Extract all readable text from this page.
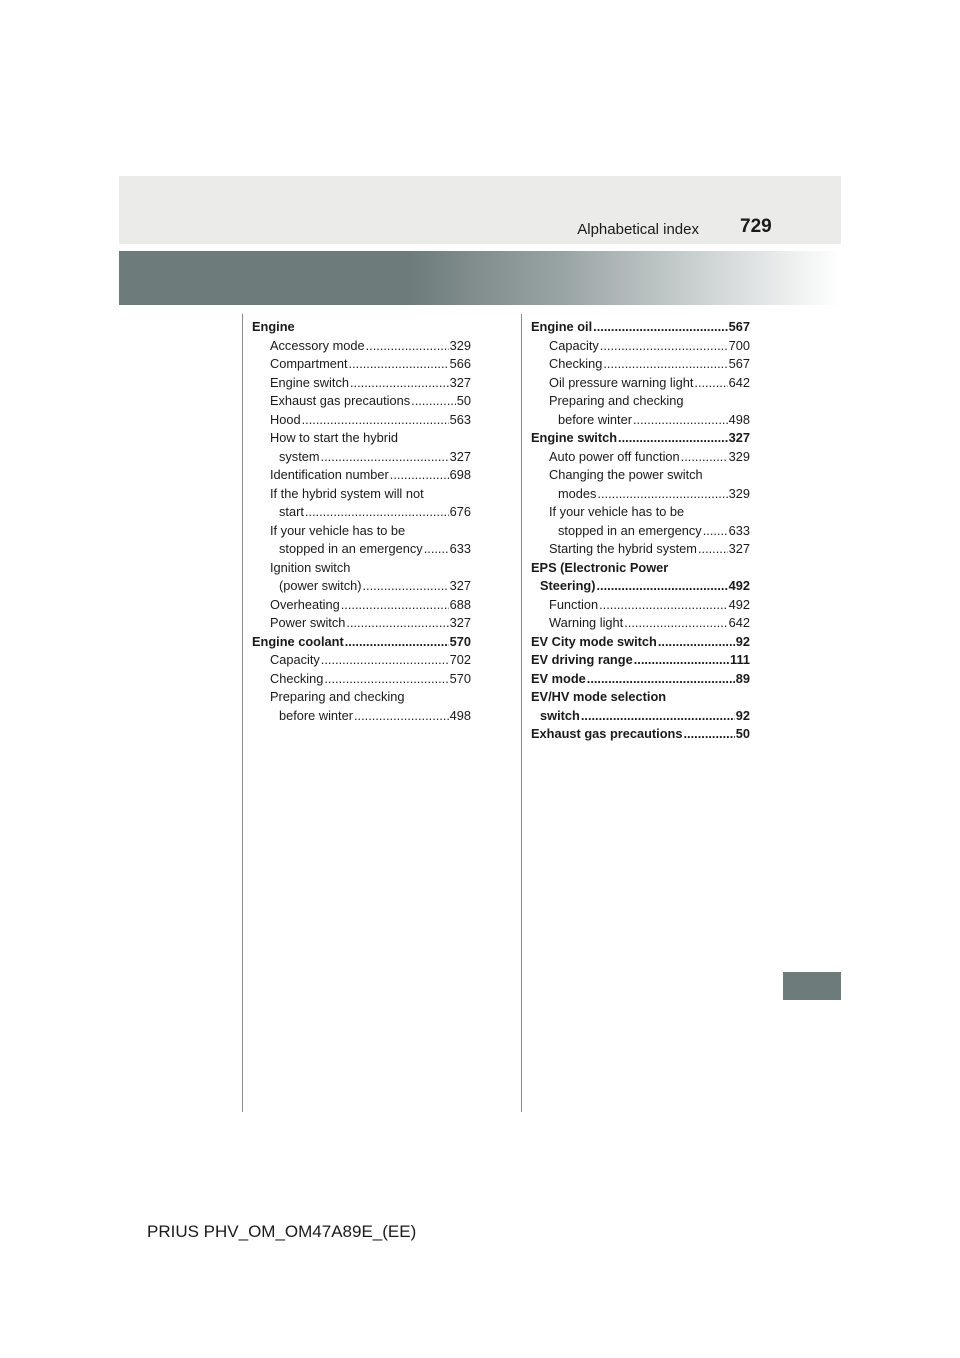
Alphabetical index 729
Engine
Accessory mode .....	329
Compartment .....	566
Engine switch .....	327
Exhaust gas precautions .....	50
Hood .....	563
How to start the hybrid
system .....	327
Identification number .....	698
If the hybrid system will not
start .....	676
If your vehicle has to be
stopped in an emergency ..... 633
Ignition switch
(power switch) .....	327
Overheating .....	688
Power switch .....	327
Engine coolant .....	570
Capacity .....	702
Checking .....	570
Preparing and checking
before winter .....	498
Engine oil .....	567
Capacity .....	700
Checking .....	567
Oil pressure warning light .....	642
Preparing and checking
before winter .....	498
Engine switch .....	327
Auto power off function .....	329
Changing the power switch
modes .....	329
If your vehicle has to be
stopped in an emergency ..... 633
Starting the hybrid system ..... 327
EPS (Electronic Power
Steering) .....	492
Function .....	492
Warning light .....	642
EV City mode switch .....	92
EV driving range .....	111
EV mode .....	89
EV/HV mode selection
switch .....	92
Exhaust gas precautions .....	50
PRIUS PHV_OM_OM47A89E_(EE)
